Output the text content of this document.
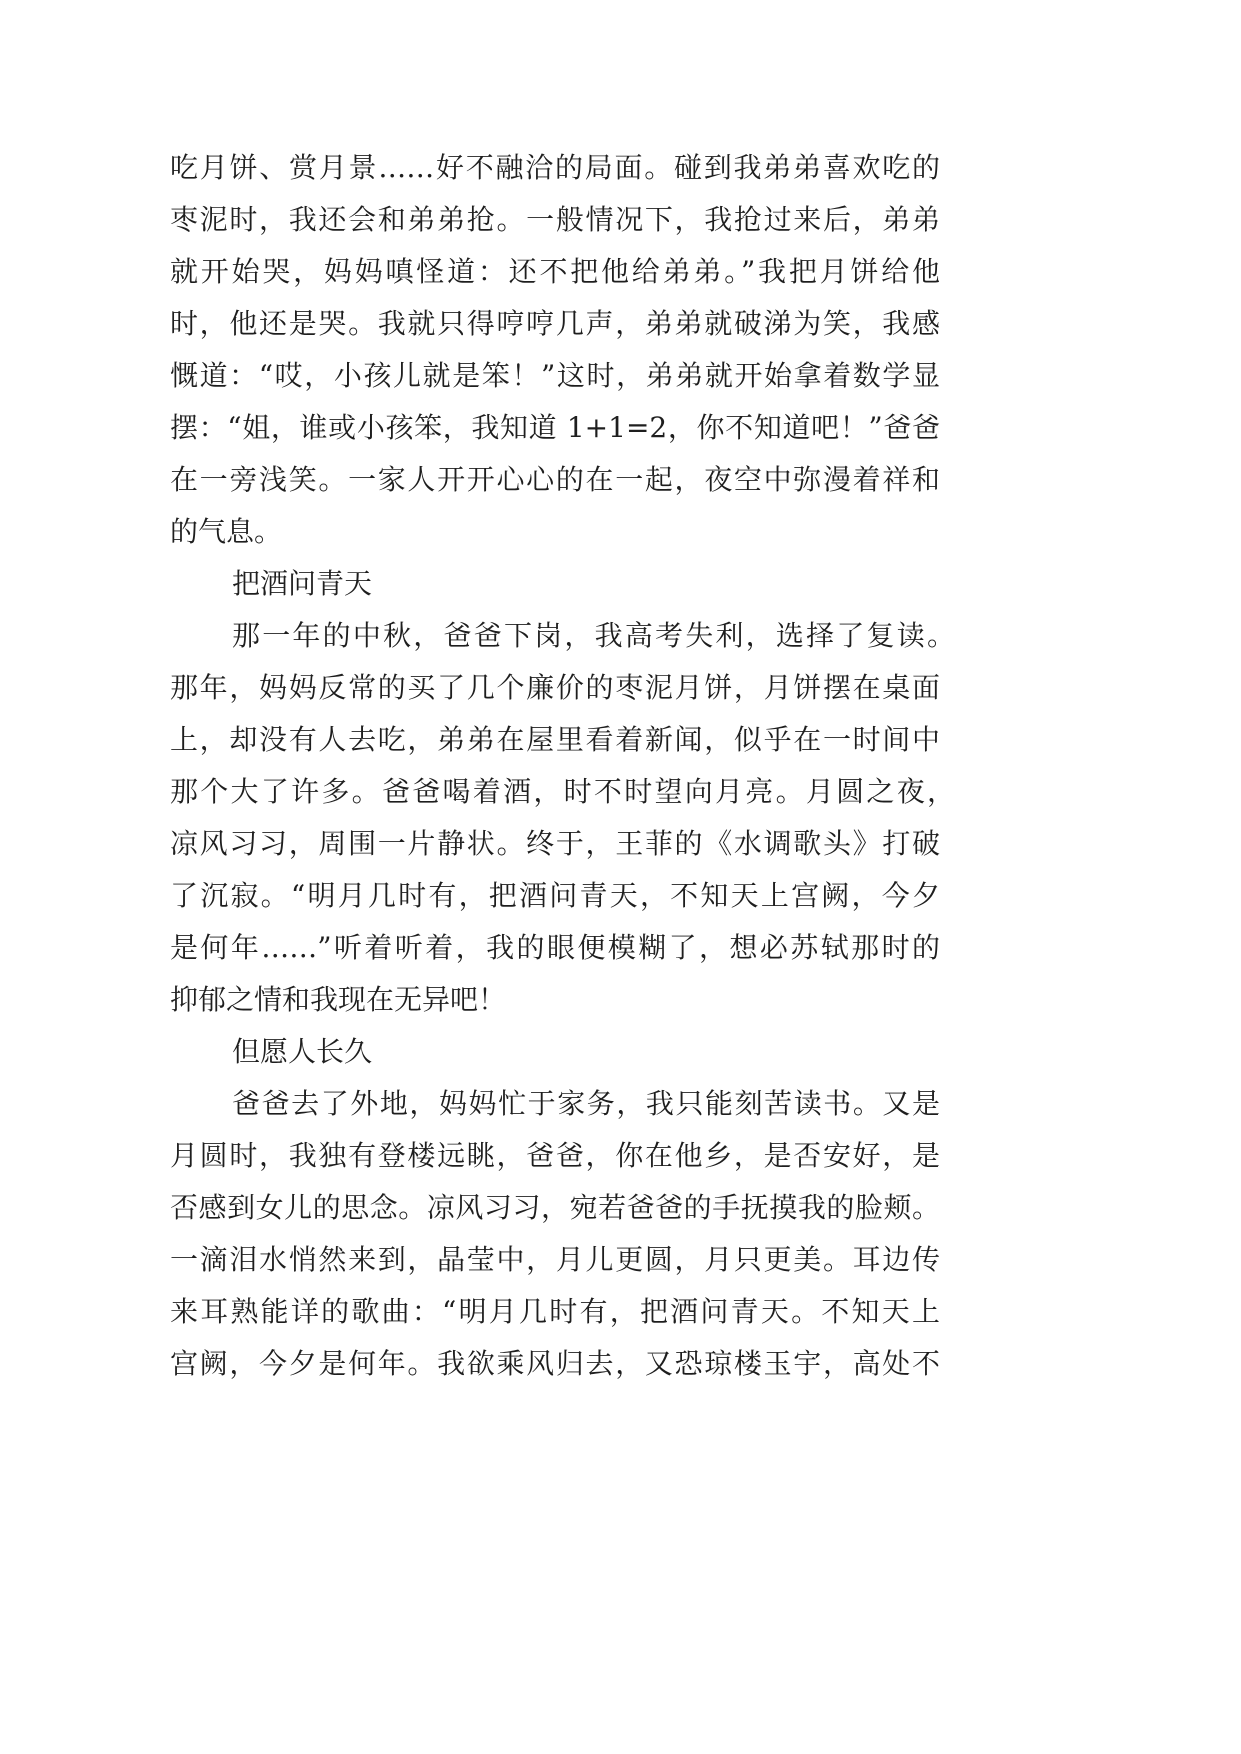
吃月饼、赏月景……好不融洽的局面。碰到我弟弟喜欢吃的
枣泥时，我还会和弟弟抢。一般情况下，我抢过来后，弟弟
就开始哭，妈妈嗔怪道：还不把他给弟弟。”我把月饼给他
时，他还是哭。我就只得哼哼几声，弟弟就破涕为笑，我感
慨道：“哎，小孩儿就是笨！”这时，弟弟就开始拿着数学显
摆：“姐，谁或小孩笨，我知道 1+1=2，你不知道吧！”爸爸
在一旁浅笑。一家人开开心心的在一起，夜空中弥漫着祥和
的气息。
把酒问青天
那一年的中秋，爸爸下岗，我高考失利，选择了复读。
那年，妈妈反常的买了几个廉价的枣泥月饼，月饼摆在桌面
上，却没有人去吃，弟弟在屋里看着新闻，似乎在一时间中
那个大了许多。爸爸喝着酒，时不时望向月亮。月圆之夜，
凉风习习，周围一片静状。终于，王菲的《水调歌头》打破
了沉寂。“明月几时有，把酒问青天，不知天上宫阙，今夕
是何年……”听着听着，我的眼便模糊了，想必苏轼那时的
抑郁之情和我现在无异吧！
但愿人长久
爸爸去了外地，妈妈忙于家务，我只能刻苦读书。又是
月圆时，我独有登楼远眺，爸爸，你在他乡，是否安好，是
否感到女儿的思念。凉风习习，宛若爸爸的手抚摸我的脸颊。
一滴泪水悄然来到，晶莹中，月儿更圆，月只更美。耳边传
来耳熟能详的歌曲：“明月几时有，把酒问青天。不知天上
宫阙，今夕是何年。我欲乘风归去，又恐琼楼玉宇，高处不
